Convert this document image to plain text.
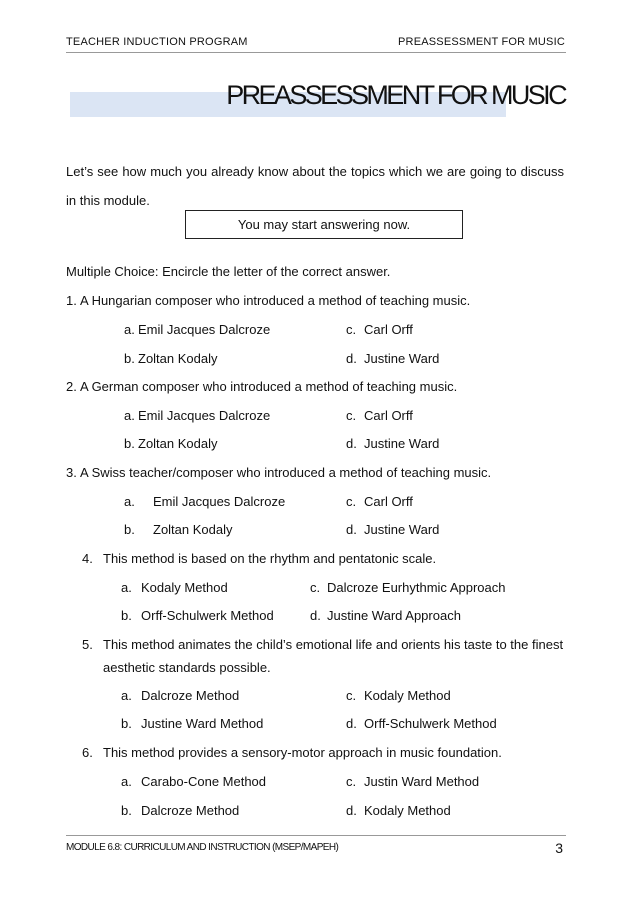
TEACHER INDUCTION PROGRAM	PREASSESSMENT FOR MUSIC
PREASSESSMENT FOR MUSIC
Let’s see how much you already know about the topics which we are going to discuss in this module.
You may start answering now.
Multiple Choice: Encircle the letter of the correct answer.
1. A Hungarian composer who introduced a method of teaching music.
a. Emil Jacques Dalcroze	c. Carl Orff
b. Zoltan Kodaly	d. Justine Ward
2. A German composer who introduced a method of teaching music.
a. Emil Jacques Dalcroze	c. Carl Orff
b. Zoltan Kodaly	d. Justine Ward
3. A Swiss teacher/composer who introduced a method of teaching music.
a. Emil Jacques Dalcroze	c. Carl Orff
b. Zoltan Kodaly	d. Justine Ward
4. This method is based on the rhythm and pentatonic scale.
a. Kodaly Method	c. Dalcroze Eurhythmic Approach
b. Orff-Schulwerk Method	d. Justine Ward Approach
5. This method animates the child’s emotional life and orients his taste to the finest
aesthetic standards possible.
a. Dalcroze Method	c. Kodaly Method
b. Justine Ward Method	d. Orff-Schulwerk Method
6. This method provides a sensory-motor approach in music foundation.
a. Carabo-Cone Method	c. Justin Ward Method
b. Dalcroze Method	d. Kodaly Method
MODULE 6.8: CURRICULUM AND INSTRUCTION (MSEP/MAPEH)	3
